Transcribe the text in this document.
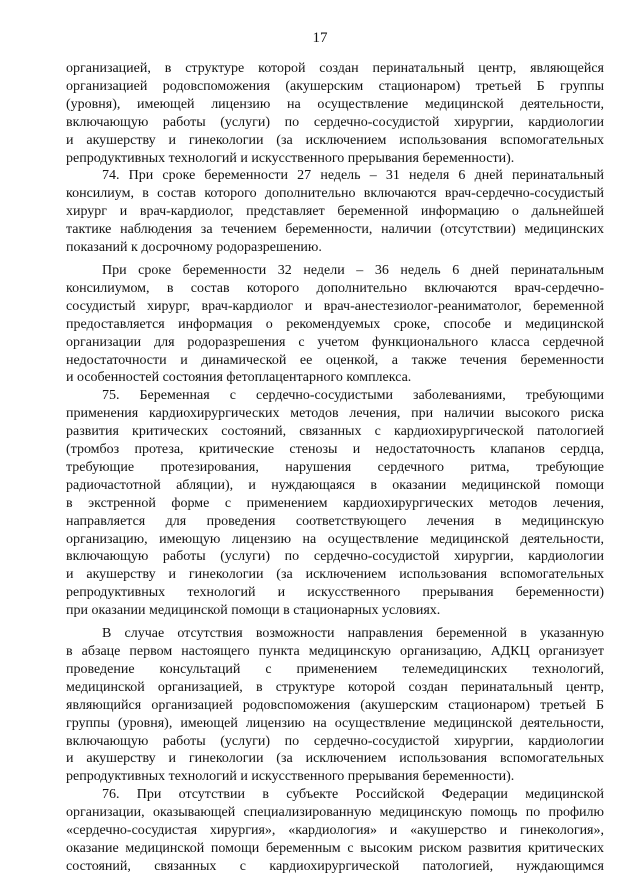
17

организацией, в структуре которой создан перинатальный центр, являющейся

организацией родовспоможения (акушерским стационаром) третьей Б группы

(уровня), имеющей лицензию на осуществление медицинской деятельности,

включающую работы (услуги) по сердечно-сосудистой хирургии, кардиологии

и акушерству и гинекологии (за исключением использования вспомогательных

репродуктивных технологий и искусственного прерывания беременности).

74. При сроке беременности 27 недель – 31 неделя 6 дней перинатальный

консилиум, в состав которого дополнительно включаются врач-сердечно-сосудистый

хирург и врач-кардиолог, представляет беременной информацию о дальнейшей

тактике наблюдения за течением беременности, наличии (отсутствии) медицинских

показаний к досрочному родоразрешению.

При сроке беременности 32 недели – 36 недель 6 дней перинатальным

консилиумом, в состав которого дополнительно включаются врач-сердечно-

сосудистый хирург, врач-кардиолог и врач-анестезиолог-реаниматолог, беременной

предоставляется информация о рекомендуемых сроке, способе и медицинской

организации для родоразрешения с учетом функционального класса сердечной

недостаточности и динамической ее оценкой, а также течения беременности

и особенностей состояния фетоплацентарного комплекса.

75. Беременная с сердечно-сосудистыми заболеваниями, требующими

применения кардиохирургических методов лечения, при наличии высокого риска

развития критических состояний, связанных с кардиохирургической патологией

(тромбоз протеза, критические стенозы и недостаточность клапанов сердца,

требующие протезирования, нарушения сердечного ритма, требующие

радиочастотной абляции), и нуждающаяся в оказании медицинской помощи

в экстренной форме с применением кардиохирургических методов лечения,

направляется для проведения соответствующего лечения в медицинскую

организацию, имеющую лицензию на осуществление медицинской деятельности,

включающую работы (услуги) по сердечно-сосудистой хирургии, кардиологии

и акушерству и гинекологии (за исключением использования вспомогательных

репродуктивных технологий и искусственного прерывания беременности)

при оказании медицинской помощи в стационарных условиях.

В случае отсутствия возможности направления беременной в указанную

в абзаце первом настоящего пункта медицинскую организацию, АДКЦ организует

проведение консультаций с применением телемедицинских технологий,

медицинской организацией, в структуре которой создан перинатальный центр,

являющийся организацией родовспоможения (акушерским стационаром) третьей Б

группы (уровня), имеющей лицензию на осуществление медицинской деятельности,

включающую работы (услуги) по сердечно-сосудистой хирургии, кардиологии

и акушерству и гинекологии (за исключением использования вспомогательных

репродуктивных технологий и искусственного прерывания беременности).

76. При отсутствии в субъекте Российской Федерации медицинской

организации, оказывающей специализированную медицинскую помощь по профилю

«сердечно-сосудистая хирургия», «кардиология» и «акушерство и гинекология»,

оказание медицинской помощи беременным с высоким риском развития критических

состояний, связанных с кардиохирургической патологией, нуждающимся
